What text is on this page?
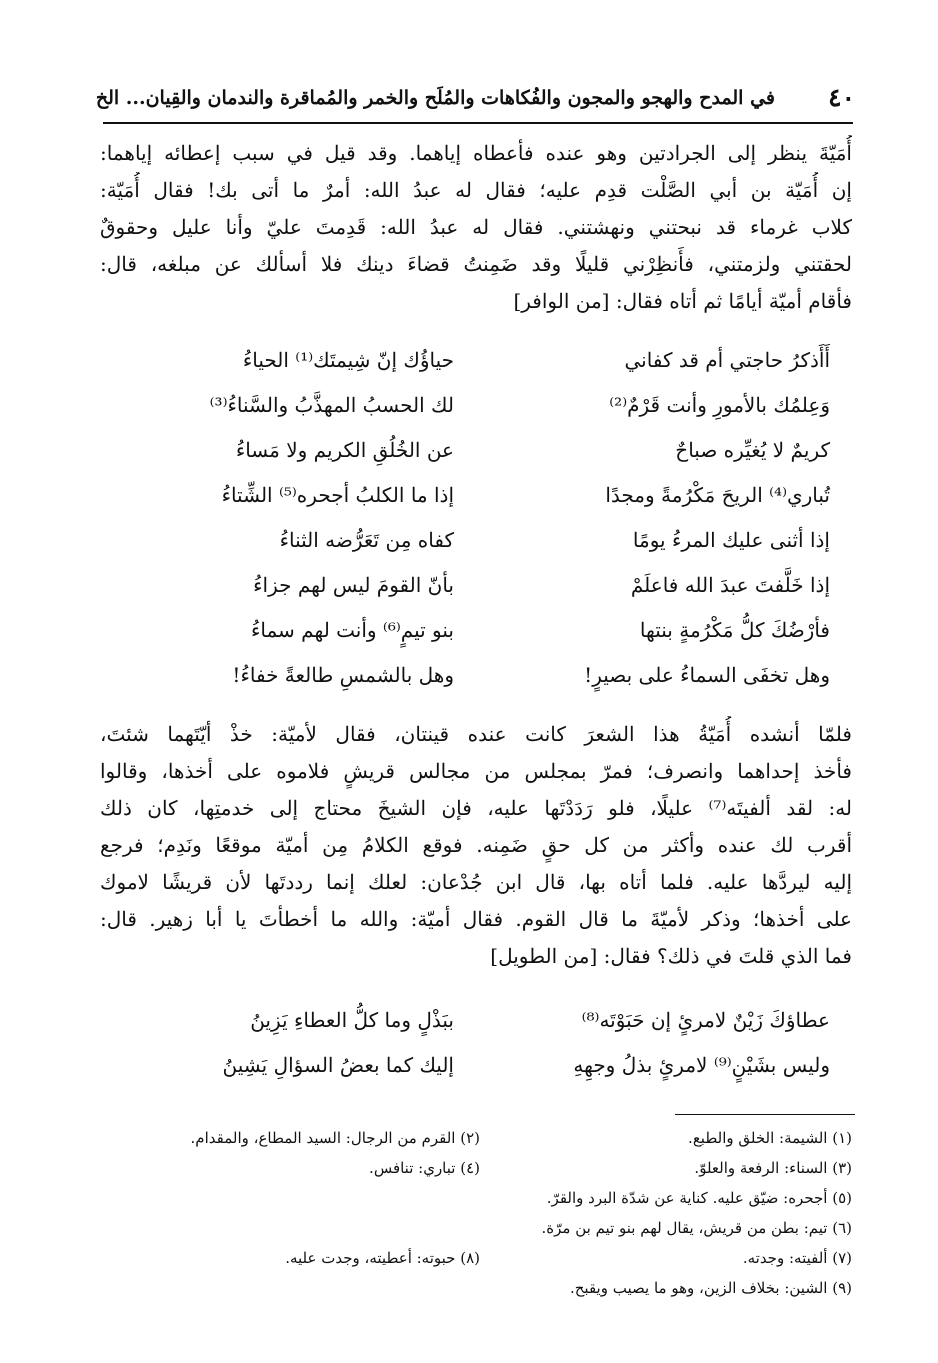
٤٠
في المدح والهجو والمجون والفُكاهات والمُلَح والخمر والمُماقرة والندمان والقِيان... الخ
أُمَيّةَ ينظر إلى الجرادتين وهو عنده فأعطاه إياهما. وقد قيل في سبب إعطائه إياهما:
إن أُمَيّة بن أبي الصَّلْت قدِم عليه؛ فقال له عبدُ الله: أمرٌ ما أتى بك! فقال أُمَيّة:
كلاب غرماء قد نبحتني ونهشتني. فقال له عبدُ الله: قَدِمتَ عليّ وأنا عليل وحقوقٌ
لحقتني ولزمتني، فأَنظِرْني قليلًا وقد ضَمِنتُ قضاءَ دينك فلا أسألك عن مبلغه، قال:
فأقام أميّة أيامًا ثم أتاه فقال: [من الوافر]
أَأَذكرُ حاجتي أم قد كفاني
حياؤُك إنّ شِيمتَك⁽¹⁾ الحياءُ
وَعِلمُك بالأمورِ وأنت قَرْمٌ⁽²⁾
لك الحسبُ المهذَّبُ والسَّناءُ⁽³⁾
كريمٌ لا يُغيِّره صباحٌ
عن الخُلُقِ الكريم ولا مَساءُ
تُباري⁽⁴⁾ الريحَ مَكْرُمةً ومجدًا
إذا ما الكلبُ أجحره⁽⁵⁾ الشِّتاءُ
إذا أثنى عليك المرءُ يومًا
كفاه مِن تَعَرُّضه الثناءُ
إذا خَلَّفتَ عبدَ الله فاعلَمْ
بأنّ القومَ ليس لهم جزاءُ
فأرْضُكَ كلُّ مَكْرُمةٍ بنتها
بنو تيمٍ⁽⁶⁾ وأنت لهم سماءُ
وهل تخفَى السماءُ على بصيرٍ!
وهل بالشمسِ طالعةً خفاءُ!
فلمّا أنشده أُمَيّةُ هذا الشعرَ كانت عنده قينتان، فقال لأميّة: خذْ أيّتَهما شئتَ،
فأخذ إحداهما وانصرف؛ فمرّ بمجلس من مجالس قريشٍ فلاموه على أخذها، وقالوا
له: لقد ألفيتَه⁽⁷⁾ عليلًا، فلو رَدَدْتَها عليه، فإن الشيخَ محتاج إلى خدمتِها، كان ذلك
أقرب لك عنده وأكثر من كل حقٍ ضَمِنه. فوقع الكلامُ مِن أميّة موقعًا ونَدِم؛ فرجع
إليه ليردَّها عليه. فلما أتاه بها، قال ابن جُدْعان: لعلك إنما رددتَها لأن قريشًا لاموك
على أخذها؛ وذكر لأميّةَ ما قال القوم. فقال أميّة: والله ما أخطأتَ يا أبا زهير. قال:
فما الذي قلتَ في ذلك؟ فقال: [من الطويل]
عطاؤكَ زَيْنٌ لامرئٍ إن حَبَوْتَه⁽⁸⁾
ببَذْلٍ وما كلُّ العطاءِ يَزِينُ
وليس بشَيْنٍ⁽⁹⁾ لامرئٍ بذلُ وجهِهِ
إليك كما بعضُ السؤالِ يَشِينُ
(١) الشيمة: الخلق والطبع.
(٢) القرم من الرجال: السيد المطاع، والمقدام.
(٣) السناء: الرفعة والعلوّ.
(٤) تباري: تنافس.
(٥) أجحره: ضيّق عليه. كناية عن شدّة البرد والقرّ.
(٦) تيم: بطن من قريش، يقال لهم بنو تيم بن مرّة.
(٧) ألفيته: وجدته.
(٨) حبوته: أعطيته، وجدت عليه.
(٩) الشين: بخلاف الزين، وهو ما يصيب ويقبح.
